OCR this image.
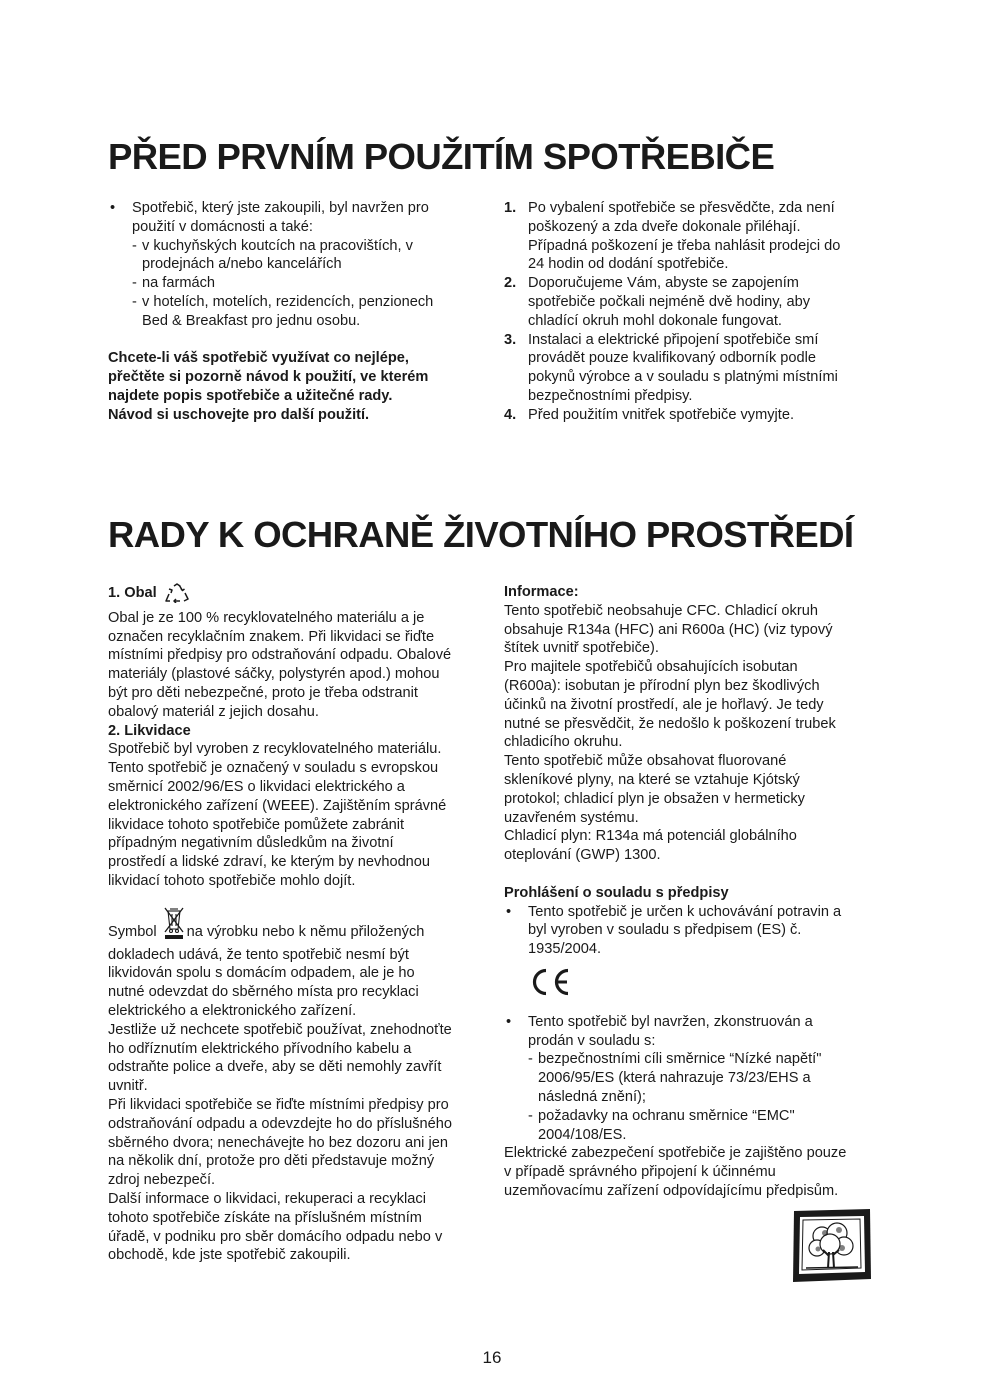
PŘED PRVNÍM POUŽITÍM SPOTŘEBIČE
• Spotřebič, který jste zakoupili, byl navržen pro
použití v domácnosti a také:
- v kuchyňských koutcích na pracovištích, v
prodejnách a/nebo kancelářích
- na farmách
- v hotelích, motelích, rezidencích, penzionech
Bed & Breakfast pro jednu osobu.
Chcete-li váš spotřebič využívat co nejlépe,
přečtěte si pozorně návod k použití, ve kterém
najdete popis spotřebiče a užitečné rady.
Návod si uschovejte pro další použití.
1. Po vybalení spotřebiče se přesvědčte, zda není
poškozený a zda dveře dokonale přiléhají.
Případná poškození je třeba nahlásit prodejci do
24 hodin od dodání spotřebiče.
2. Doporučujeme Vám, abyste se zapojením
spotřebiče počkali nejméně dvě hodiny, aby
chladící okruh mohl dokonale fungovat.
3. Instalaci a elektrické připojení spotřebiče smí
provádět pouze kvalifikovaný odborník podle
pokynů výrobce a v souladu s platnými místními
bezpečnostními předpisy.
4. Před použitím vnitřek spotřebiče vymyjte.
RADY K OCHRANĚ ŽIVOTNÍHO PROSTŘEDÍ
1. Obal
Obal je ze 100 % recyklovatelného materiálu a je
označen recyklačním znakem. Při likvidaci se řiďte
místními předpisy pro odstraňování odpadu. Obalové
materiály (plastové sáčky, polystyrén apod.) mohou
být pro děti nebezpečné, proto je třeba odstranit
obalový materiál z jejich dosahu.
2. Likvidace
Spotřebič byl vyroben z recyklovatelného materiálu.
Tento spotřebič je označený v souladu s evropskou
směrnicí 2002/96/ES o likvidaci elektrického a
elektronického zařízení (WEEE). Zajištěním správné
likvidace tohoto spotřebiče pomůžete zabránit
případným negativním důsledkům na životní
prostředí a lidské zdraví, ke kterým by nevhodnou
likvidací tohoto spotřebiče mohlo dojít.
Symbol na výrobku nebo k němu přiložených
dokladech udává, že tento spotřebič nesmí být
likvidován spolu s domácím odpadem, ale je ho
nutné odevzdat do sběrného místa pro recyklaci
elektrického a elektronického zařízení.
Jestliže už nechcete spotřebič používat, znehodnoťte
ho odříznutím elektrického přívodního kabelu a
odstraňte police a dveře, aby se děti nemohly zavřít
uvnitř.
Při likvidaci spotřebiče se řiďte místními předpisy pro
odstraňování odpadu a odevzdejte ho do příslušného
sběrného dvora; nenechávejte ho bez dozoru ani jen
na několik dní, protože pro děti představuje možný
zdroj nebezpečí.
Další informace o likvidaci, rekuperaci a recyklaci
tohoto spotřebiče získáte na příslušném místním
úřadě, v podniku pro sběr domácího odpadu nebo v
obchodě, kde jste spotřebič zakoupili.
Informace:
Tento spotřebič neobsahuje CFC. Chladicí okruh
obsahuje R134a (HFC) ani R600a (HC) (viz typový
štítek uvnitř spotřebiče).
Pro majitele spotřebičů obsahujících isobutan
(R600a): isobutan je přírodní plyn bez škodlivých
účinků na životní prostředí, ale je hořlavý. Je tedy
nutné se přesvědčit, že nedošlo k poškození trubek
chladicího okruhu.
Tento spotřebič může obsahovat fluorované
skleníkové plyny, na které se vztahuje Kjótský
protokol; chladicí plyn je obsažen v hermeticky
uzavřeném systému.
Chladicí plyn: R134a má potenciál globálního
oteplování (GWP) 1300.
Prohlášení o souladu s předpisy
• Tento spotřebič je určen k uchovávání potravin a
byl vyroben v souladu s předpisem (ES) č.
1935/2004.
• Tento spotřebič byl navržen, zkonstruován a
prodán v souladu s:
- bezpečnostními cíli směrnice “Nízké napětí"
2006/95/ES (která nahrazuje 73/23/EHS a
následná znění);
- požadavky na ochranu směrnice “EMC"
2004/108/ES.
Elektrické zabezpečení spotřebiče je zajištěno pouze
v případě správného připojení k účinnému
uzemňovacímu zařízení odpovídajícímu předpisům.
16
